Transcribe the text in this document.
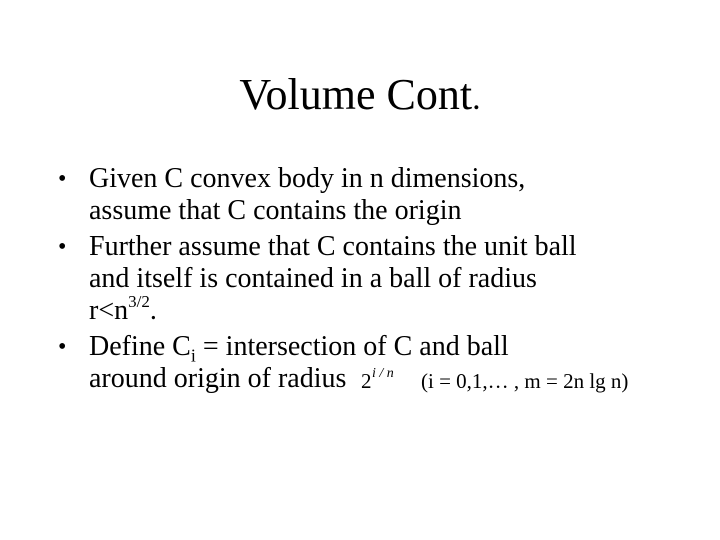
Volume Cont.
• Given C convex body in n dimensions,
assume that C contains the origin
• Further assume that C contains the unit ball
and itself is contained in a ball of radius
$r<n^{3/2}$.
• Define $C_i$ = intersection of C and ball
around origin of radius 2 i / n (i = 0,1,… , m = 2n lg n)
